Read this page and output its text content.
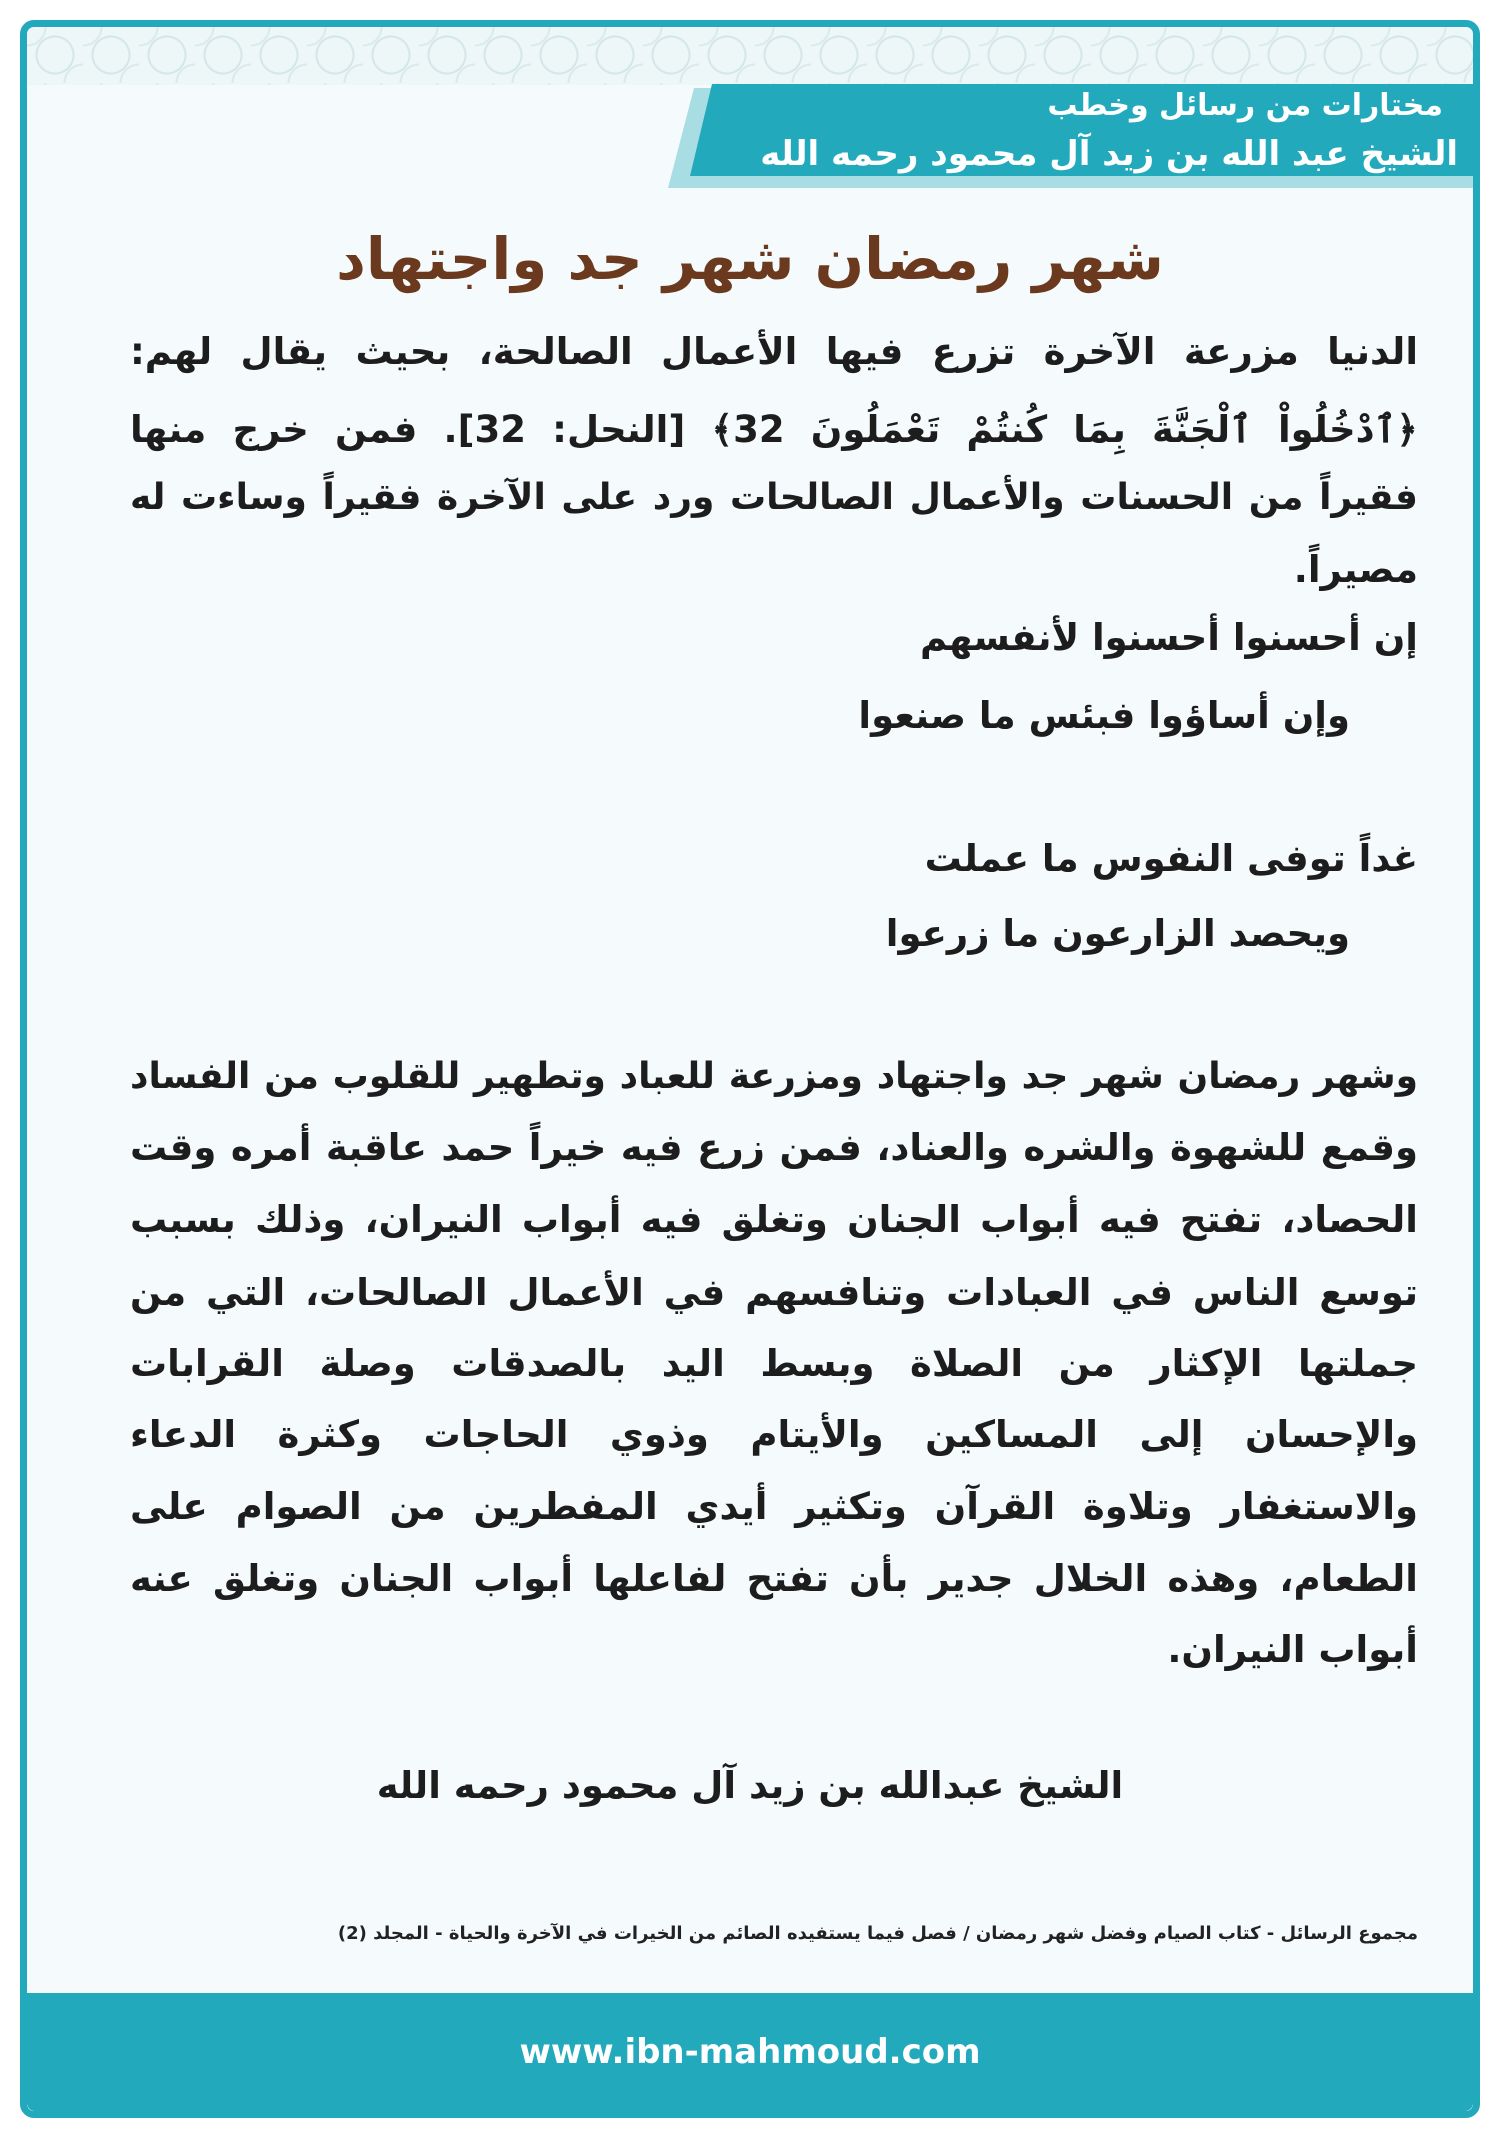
مختارات من رسائل وخطب
الشيخ عبد الله بن زيد آل محمود رحمه الله
شهر رمضان شهر جد واجتهاد
الدنيا مزرعة الآخرة تزرع فيها الأعمال الصالحة، بحيث يقال لهم:
﴿ٱدْخُلُواْ ٱلْجَنَّةَ بِمَا كُنتُمْ تَعْمَلُونَ 32﴾ [النحل: 32]. فمن خرج منها
فقيراً من الحسنات والأعمال الصالحات ورد على الآخرة فقيراً وساءت له
مصيراً.
إن أحسنوا أحسنوا لأنفسهم
وإن أساؤوا فبئس ما صنعوا
غداً توفى النفوس ما عملت
ويحصد الزارعون ما زرعوا
وشهر رمضان شهر جد واجتهاد ومزرعة للعباد وتطهير للقلوب من الفساد
وقمع للشهوة والشره والعناد، فمن زرع فيه خيراً حمد عاقبة أمره وقت
الحصاد، تفتح فيه أبواب الجنان وتغلق فيه أبواب النيران، وذلك بسبب
توسع الناس في العبادات وتنافسهم في الأعمال الصالحات، التي من
جملتها الإكثار من الصلاة وبسط اليد بالصدقات وصلة القرابات
والإحسان إلى المساكين والأيتام وذوي الحاجات وكثرة الدعاء
والاستغفار وتلاوة القرآن وتكثير أيدي المفطرين من الصوام على
الطعام، وهذه الخلال جدير بأن تفتح لفاعلها أبواب الجنان وتغلق عنه
أبواب النيران.
الشيخ عبدالله بن زيد آل محمود رحمه الله
مجموع الرسائل - كتاب الصيام وفضل شهر رمضان / فصل فيما يستفيده الصائم من الخيرات في الآخرة والحياة - المجلد (2)
www.ibn-mahmoud.com
